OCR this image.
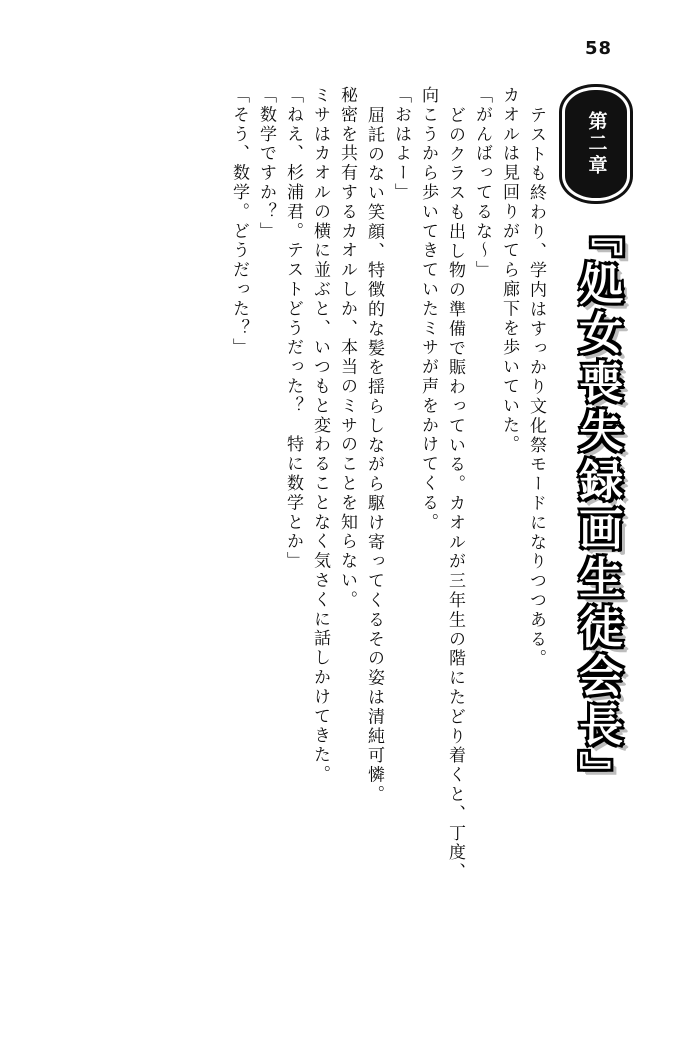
58
第二章
『処女喪失録画生徒会長』
テストも終わり、学内はすっかり文化祭モードになりつつある。
カオルは見回りがてら廊下を歩いていた。
「がんばってるな〜」
どのクラスも出し物の準備で賑わっている。カオルが三年生の階にたどり着くと、丁度、
向こうから歩いてきていたミサが声をかけてくる。
「おはよー」
屈託のない笑顔、特徴的な髪を揺らしながら駆け寄ってくるその姿は清純可憐。
秘密を共有するカオルしか、本当のミサのことを知らない。
ミサはカオルの横に並ぶと、いつもと変わることなく気さくに話しかけてきた。
「ねえ、杉浦君。テストどうだった？　特に数学とか」
「数学ですか？」
「そう、数学。どうだった？」
